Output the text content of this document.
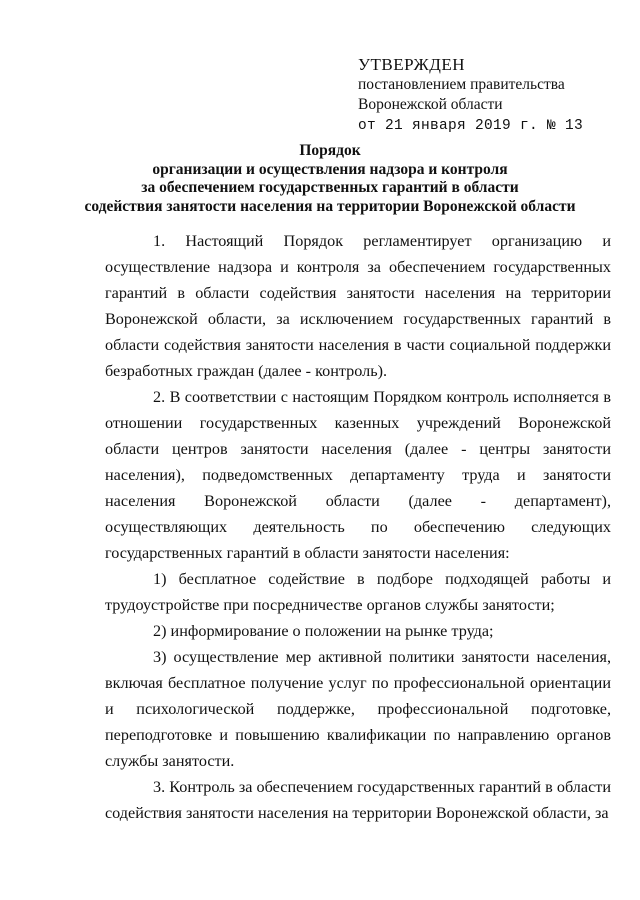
УТВЕРЖДЕН
постановлением правительства
Воронежской области
от 21 января 2019 г. № 13
Порядок
организации и осуществления надзора и контроля
за обеспечением государственных гарантий в области
содействия занятости населения на территории Воронежской области

1. Настоящий Порядок регламентирует организацию и осуществление надзора и контроля за обеспечением государственных гарантий в области содействия занятости населения на территории Воронежской области, за исключением государственных гарантий в области содействия занятости населения в части социальной поддержки безработных граждан (далее - контроль).

2. В соответствии с настоящим Порядком контроль исполняется в отношении государственных казенных учреждений Воронежской области центров занятости населения (далее - центры занятости населения), подведомственных департаменту труда и занятости населения Воронежской области (далее - департамент), осуществляющих деятельность по обеспечению следующих государственных гарантий в области занятости населения:

1) бесплатное содействие в подборе подходящей работы и трудоустройстве при посредничестве органов службы занятости;

2) информирование о положении на рынке труда;

3) осуществление мер активной политики занятости населения, включая бесплатное получение услуг по профессиональной ориентации и психологической поддержке, профессиональной подготовке, переподготовке и повышению квалификации по направлению органов службы занятости.

3. Контроль за обеспечением государственных гарантий в области содействия занятости населения на территории Воронежской области, за
